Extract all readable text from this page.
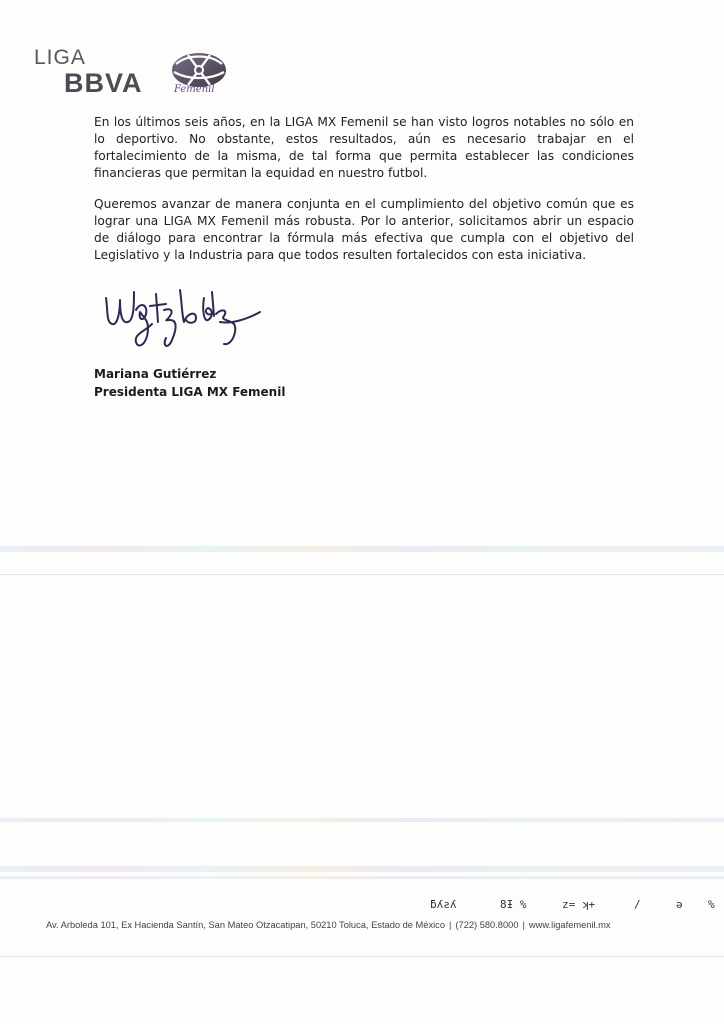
LIGA
BBVA	Femenil

En los últimos seis años, en la LIGA MX Femenil se han visto logros notables no sólo en lo deportivo. No obstante, estos resultados, aún es necesario trabajar en el fortalecimiento de la misma, de tal forma que permita establecer las condiciones financieras que permitan la equidad en nuestro futbol.

Queremos avanzar de manera conjunta en el cumplimiento del objetivo común que es lograr una LIGA MX Femenil más robusta. Por lo anterior, solicitamos abrir un espacio de diálogo para encontrar la fórmula más efectiva que cumpla con el objetivo del Legislativo y la Industria para que todos resulten fortalecidos con esta iniciativa.

Mariana Gutiérrez
Presidenta LIGA MX Femenil
ƃʎƨʎ	8Ɨ %	z= ʞ+	/	ə %
Av. Arboleda 101, Ex Hacienda Santín, San Mateo Otzacatipan, 50210 Toluca, Estado de México | (722) 580.8000 | www.ligafemenil.mx
